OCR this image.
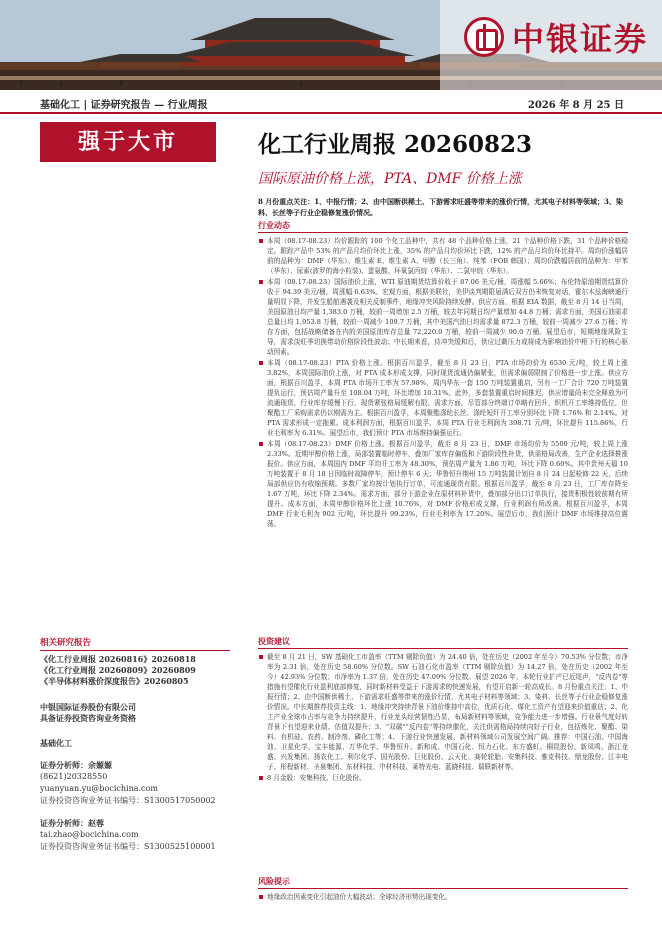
中银证券
基础化工 | 证券研究报告 — 行业周报	2026 年 8 月 25 日
强于大市	化工行业周报 20260823
国际原油价格上涨，PTA、DMF 价格上涨
8 月份重点关注：1、中报行情；2、由中国断供稀土、下游需求旺盛等带来的涨价行情，尤其电子材料等领域；3、染料、长丝等子行业企稳修复涨价情况。
行业动态
本周（08.17-08.23）均价跟踪的 100 个化工品种中，共有 48 个品种价格上涨，21 个品种价格下跌，31 个品种价格稳定。跟踪产品中 53% 的产品月均价环比上涨，35% 的产品月均价环比下跌，12% 的产品月均价环比持平。周均价涨幅居前的品种为：DMF（华东）、维生素 E、维生素 A、甲醇（长三角）、纯苯（FOB 韩国）；周均价跌幅居前的品种为：甲苯（华东）、尿素(波罗的海小粒装)、蛋氨酸、环氧氯丙烷（华东）、二氯甲烷（华东）。
本周（08.17-08.23）国际油价上涨，WTI 原油期货结算价收于 87.06 美元/桶，周涨幅 5.66%；布伦特原油期货结算价收于 94.39 美元/桶，周涨幅 6.63%。宏观方面，根据美联社，美伊谈判期限届满后双方仍未恢复对话，霍尔木兹海峡通行量明显下降，并发生船舶遇袭及相关反制事件，地缘冲突风险持续发酵。供应方面，根据 EIA 数据，截至 8 月 14 日当周，美国原油日均产量 1,383.0 万桶，较前一周增加 2.5 万桶，较去年同期日均产量增加 44.8 万桶；需求方面，美国石油需求总量日均 1,953.8 万桶，较前一周减少 109.7 万桶，其中美国汽油日均需求量 872.3 万桶，较前一周减少 27.6 万桶；库存方面，包括战略储备在内的美国原油库存总量 72,220.0 万桶，较前一周减少 90.0 万桶。展望后市，短期地缘风险主导，需求淡旺季切换带动价格阶段性波动；中长期来看，待冲突缓和后，供应过剩压力或将成为影响油价中枢下行的核心驱动因素。
本周（08.17-08.23）PTA 价格上涨。根据百川盈孚，截至 8 月 23 日，PTA 市场均价为 6530 元/吨，较上周上涨 3.82%，本周国际油价上涨，对 PTA 成本形成支撑，同时现货流通仍偏紧张，但需求偏弱限制了价格进一步上涨。供应方面，根据百川盈孚，本周 PTA 市场开工率为 57.98%，周内华东一套 150 万吨装置重启，另有一工厂合计 720 万吨装置提负运行，预估周产量升至 108.04 万吨，环比增加 10.31%。此外，多套装置重启时间推迟，供应增量尚未完全释放为可流通现货，行业库存缓慢下行，现货紧张格局缓解有限。需求方面，尽管部分终端订单略有回升，织机开工率维持低位，但聚酯工厂采购需求仍以刚需为主。根据百川盈孚，本周聚酯涤纶长丝、涤纶短纤开工率分别环比下降 1.76% 和 2.14%。对 PTA 需求形成一定拖累。成本利润方面，根据百川盈孚，本周 PTA 行业毛利润为 398.71 元/吨，环比提升 115.86%，行业毛利率为 6.31%。展望后市，我们预计 PTA 市场维持偏强运行。
本周（08.17-08.23）DMF 价格上涨。根据百川盈孚，截至 8 月 23 日，DMF 市场均价为 5500 元/吨，较上周上涨 2.33%。近期甲醇价格上涨，局部装置临时停车，叠加厂家库存偏低和下游阶段性补货，供需格局改善，生产企业选择推涨报价。供应方面，本周国内 DMF 平均开工率为 48.30%，预估周产量为 1.86 万吨，环比下降 0.60%。其中贵州天福 10 万吨装置于 8 月 18 日因临时故障停车，预计停车 6 天；华鲁恒升荆州 15 万吨装置计划自 8 月 24 日起检修 22 天，后续局部供应仍有收缩预期。多数厂家均按计划执行订单，可流通现货有限。根据百川盈孚，截至 8 月 23 日，工厂库存降至 1.67 万吨，环比下降 2.34%。需求方面，部分下游企业在原材料补货中，叠加部分出口订单执行，接货积极性较前期有所提升。成本方面，本周甲醇价格环比上涨 10.76%，对 DMF 价格形成支撑，行业利润有所改善。根据百川盈孚，本周 DMF 行业毛利为 902 元/吨，环比提升 99.23%，行业毛利率为 17.20%。展望后市，我们预计 DMF 市场维持高位震荡。
投资建议
截至 8 月 21 日，SW 基础化工市盈率（TTM 剔除负值）为 24.40 倍，处在历史（2002 年至今）70.53% 分位数；市净率为 2.31 倍，处在历史 58.60% 分位数。SW 石油石化市盈率（TTM 剔除负值）为 14.27 倍，处在历史（2002 年至今）42.93% 分位数；市净率为 1.37 倍，处在历史 47.09% 分位数。展望 2026 年，本轮行业扩产已近尾声，"反内卷"等措施有望催化行业盈利底部修复，同时新材料受益于下游需求的快速发展，有望开启新一轮高成长。8 月份重点关注：1、中报行情；2、由中国断供稀土、下游需求旺盛等带来的涨价行情，尤其电子材料等领域；3、染料、长丝等子行业企稳修复涨价情况。中长期推荐投资主线：1、地缘冲突持续背景下油价维持中高位，优质石化、煤化工资产有望迎来价值重估；2、化工产业全球市占率与竞争力持续提升，行业龙头经营韧性凸显，布局新材料等领域，竞争能力进一步增强。行业景气度好转背景下有望迎来业绩、估值双提升；3、"双碳""反内卷"等持续催化，关注供需格局持续向好子行业，包括炼化、聚酯、染料、有机硅、农药、制冷剂、磷化工等；4、下游行业快速发展，新材料领域公司发展空间广阔。推荐：中国石油、中国海油、卫星化学、宝丰能源、万华化学、华鲁恒升、新和成、中国石化、恒力石化、东方盛虹、桐昆股份、新凤鸣、浙江龙盛、兴发集团、扬农化工、利尔化学、国光股份、巨化股份、云天化、赛轮轮胎、安集科技、雅克科技、鼎龙股份、江丰电子、彤程新材、圣泉集团、东材科技、中材科技、莱特光电、蓝晓科技、瑞联新材等。
8 月金股：安集科技、巨化股份。
风险提示
地缘政治因素变化引起油价大幅波动；全球经济形势出现变化。
相关研究报告
《化工行业周报 20260816》20260818
《化工行业周报 20260809》20260809
《半导体材料涨价深度报告》20260805
中银国际证券股份有限公司
具备证券投资咨询业务资格
基础化工
证券分析师：余嫄嫄
(8621)20328550
yuanyuan.yu@bocichina.com
证券投资咨询业务证书编号：S1300517050002
证券分析师：赵蓉
tai.zhao@bocichina.com
证券投资咨询业务证书编号：S1300525100001
